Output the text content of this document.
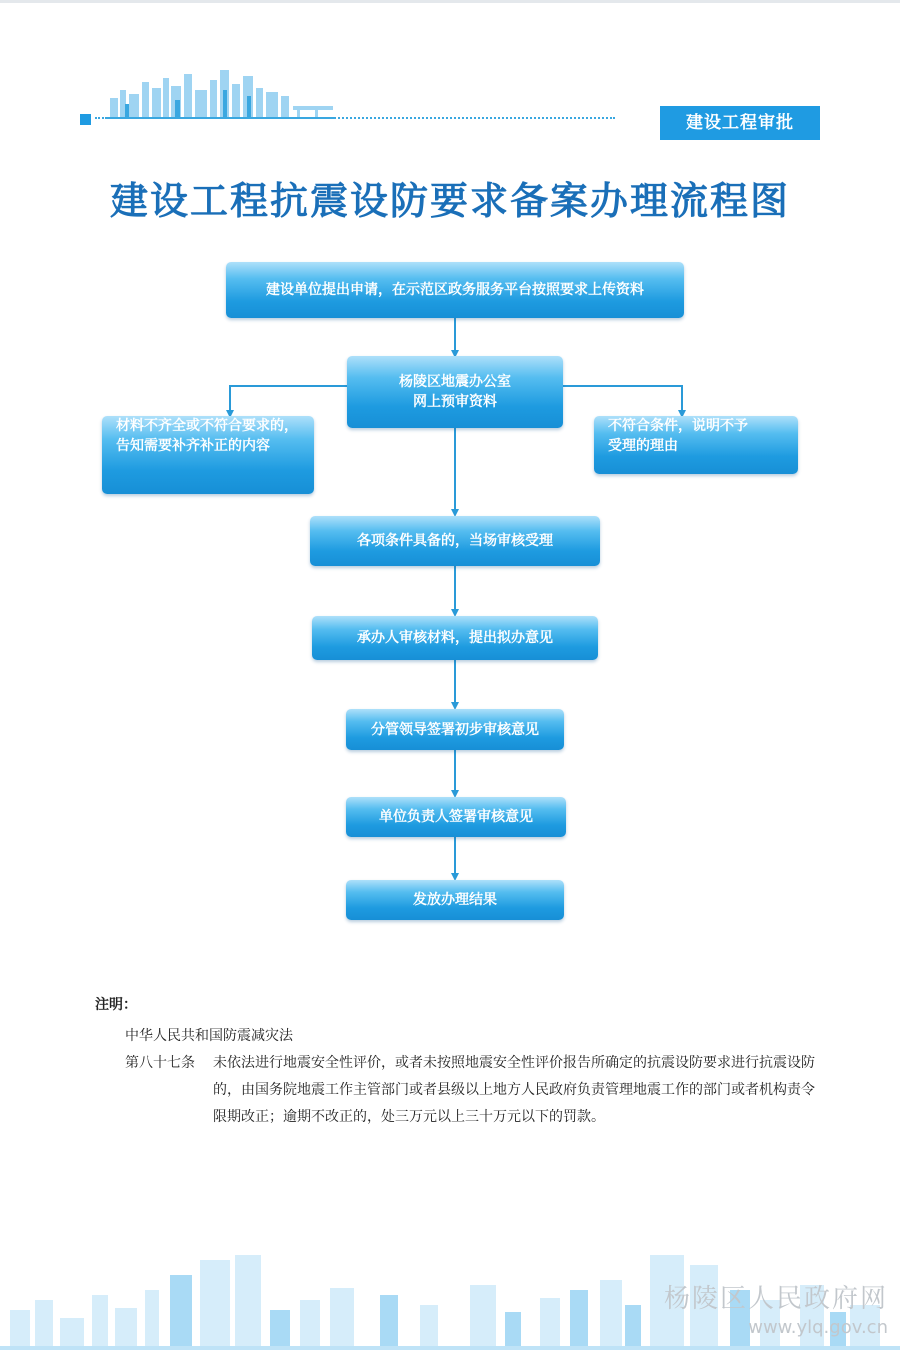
建设工程审批
建设工程抗震设防要求备案办理流程图
建设单位提出申请，在示范区政务服务平台按照要求上传资料
杨陵区地震办公室
网上预审资料
材料不齐全或不符合要求的，
告知需要补齐补正的内容
不符合条件，说明不予
受理的理由
各项条件具备的，当场审核受理
承办人审核材料，提出拟办意见
分管领导签署初步审核意见
单位负责人签署审核意见
发放办理结果
注明：
中华人民共和国防震减灾法
第八十七条	未依法进行地震安全性评价，或者未按照地震安全性评价报告所确定的抗震设防要求进行抗震设防的，由国务院地震工作主管部门或者县级以上地方人民政府负责管理地震工作的部门或者机构责令限期改正；逾期不改正的，处三万元以上三十万元以下的罚款。
杨陵区人民政府网
www.ylq.gov.cn
